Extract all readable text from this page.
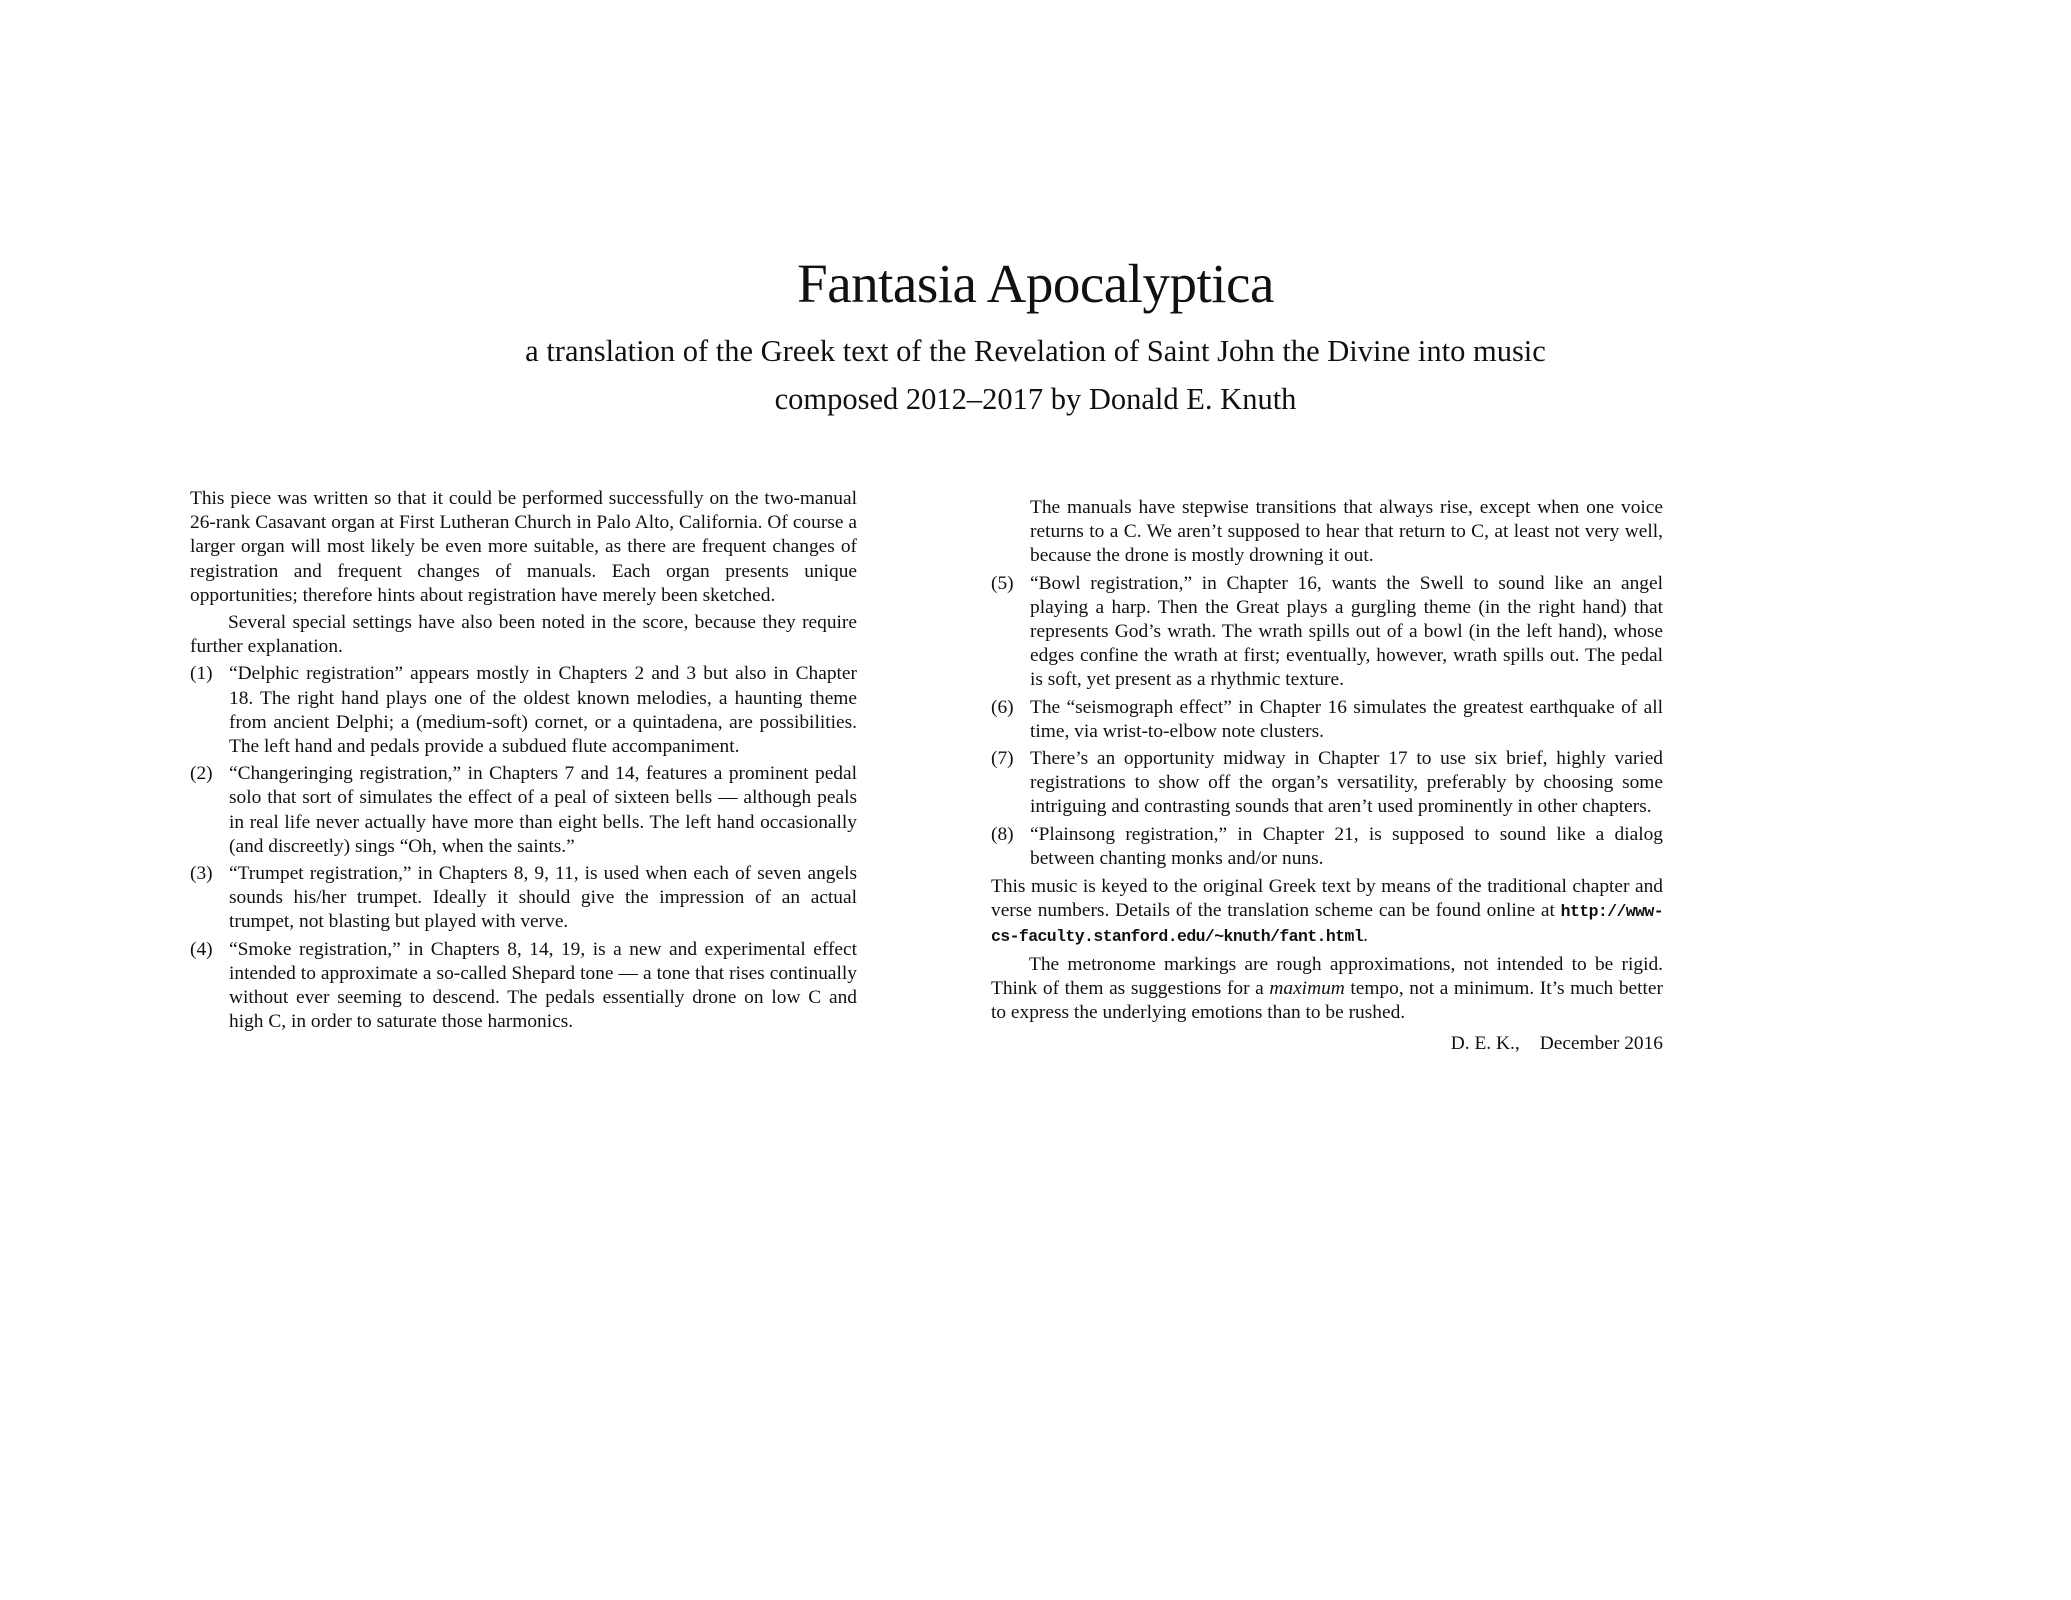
Fantasia Apocalyptica
a translation of the Greek text of the Revelation of Saint John the Divine into music
composed 2012–2017 by Donald E. Knuth

This piece was written so that it could be performed successfully on the two-manual 26-rank Casavant organ at First Lutheran Church in Palo Alto, California. Of course a larger organ will most likely be even more suitable, as there are frequent changes of registration and frequent changes of manuals. Each organ presents unique opportunities; therefore hints about registration have merely been sketched.

Several special settings have also been noted in the score, because they require further explanation.

(1) “Delphic registration” appears mostly in Chapters 2 and 3 but also in Chapter 18. The right hand plays one of the oldest known melodies, a haunting theme from ancient Delphi; a (medium-soft) cornet, or a quintadena, are possibilities. The left hand and pedals provide a subdued flute accompaniment.
(2) “Changeringing registration,” in Chapters 7 and 14, features a prominent pedal solo that sort of simulates the effect of a peal of sixteen bells — although peals in real life never actually have more than eight bells. The left hand occasionally (and discreetly) sings “Oh, when the saints.”
(3) “Trumpet registration,” in Chapters 8, 9, 11, is used when each of seven angels sounds his/her trumpet. Ideally it should give the impression of an actual trumpet, not blasting but played with verve.
(4) “Smoke registration,” in Chapters 8, 14, 19, is a new and experimental effect intended to approximate a so-called Shepard tone — a tone that rises continually without ever seeming to descend. The pedals essentially drone on low C and high C, in order to saturate those harmonics.

The manuals have stepwise transitions that always rise, except when one voice returns to a C. We aren’t supposed to hear that return to C, at least not very well, because the drone is mostly drowning it out.

(5) “Bowl registration,” in Chapter 16, wants the Swell to sound like an angel playing a harp. Then the Great plays a gurgling theme (in the right hand) that represents God’s wrath. The wrath spills out of a bowl (in the left hand), whose edges confine the wrath at first; eventually, however, wrath spills out. The pedal is soft, yet present as a rhythmic texture.
(6) The “seismograph effect” in Chapter 16 simulates the greatest earthquake of all time, via wrist-to-elbow note clusters.
(7) There’s an opportunity midway in Chapter 17 to use six brief, highly varied registrations to show off the organ’s versatility, preferably by choosing some intriguing and contrasting sounds that aren’t used prominently in other chapters.
(8) “Plainsong registration,” in Chapter 21, is supposed to sound like a dialog between chanting monks and/or nuns.

This music is keyed to the original Greek text by means of the traditional chapter and verse numbers. Details of the translation scheme can be found online at http://www-cs-faculty.stanford.edu/~knuth/fant.html.

The metronome markings are rough approximations, not intended to be rigid. Think of them as suggestions for a maximum tempo, not a minimum. It’s much better to express the underlying emotions than to be rushed.

D. E. K., December 2016
